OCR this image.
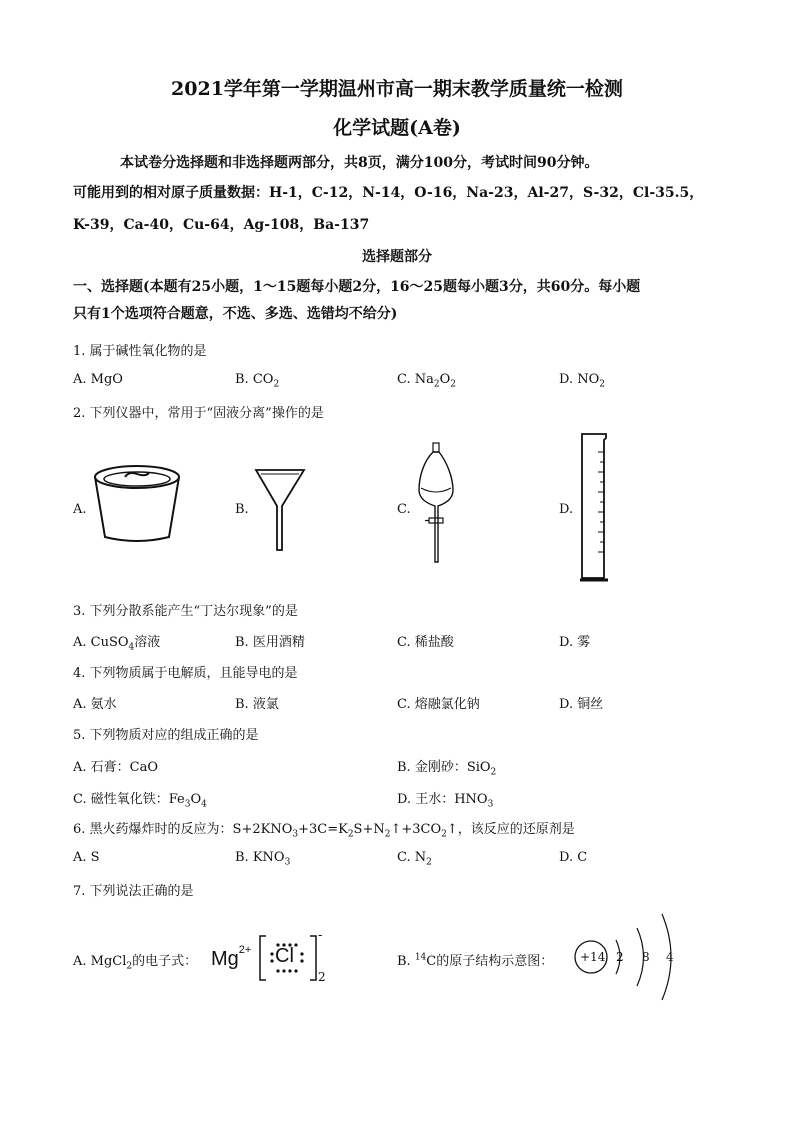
2021学年第一学期温州市高一期末教学质量统一检测
化学试题(A卷)
本试卷分选择题和非选择题两部分，共8页，满分100分，考试时间90分钟。
可能用到的相对原子质量数据：H-1，C-12，N-14，O-16，Na-23，Al-27，S-32，Cl-35.5，
K-39，Ca-40，Cu-64，Ag-108，Ba-137
选择题部分
一、选择题(本题有25小题，1～15题每小题2分，16～25题每小题3分，共60分。每小题
只有1个选项符合题意，不选、多选、选错均不给分)
1. 属于碱性氧化物的是
A. MgO	B. $CO_2$	C. $Na_2O_2$	D. $NO_2$
2. 下列仪器中，常用于“固液分离”操作的是
A.	B.	C.	D.
3. 下列分散系能产生“丁达尔现象”的是
A. CuSO$_4$溶液	B. 医用酒精	C. 稀盐酸	D. 雾
4. 下列物质属于电解质，且能导电的是
A. 氨水	B. 液氯	C. 熔融氯化钠	D. 铜丝
5. 下列物质对应的组成正确的是
A. 石膏：CaO	B. 金刚砂：SiO$_2$
C. 磁性氧化铁：$Fe_3O_4$	D. 王水：$HNO_3$
6. 黑火药爆炸时的反应为：$S+2KNO_3+3C=K_2S+N_2↑+3CO_2↑$，该反应的还原剂是
A. S	B. $KNO_3$	C. $N_2$	D. C
7. 下列说法正确的是
A. MgCl$_2$的电子式： $Mg^{2+}$ Cl
-
2
B. $^{14}$C的原子结构示意图： +14 2 8 4
